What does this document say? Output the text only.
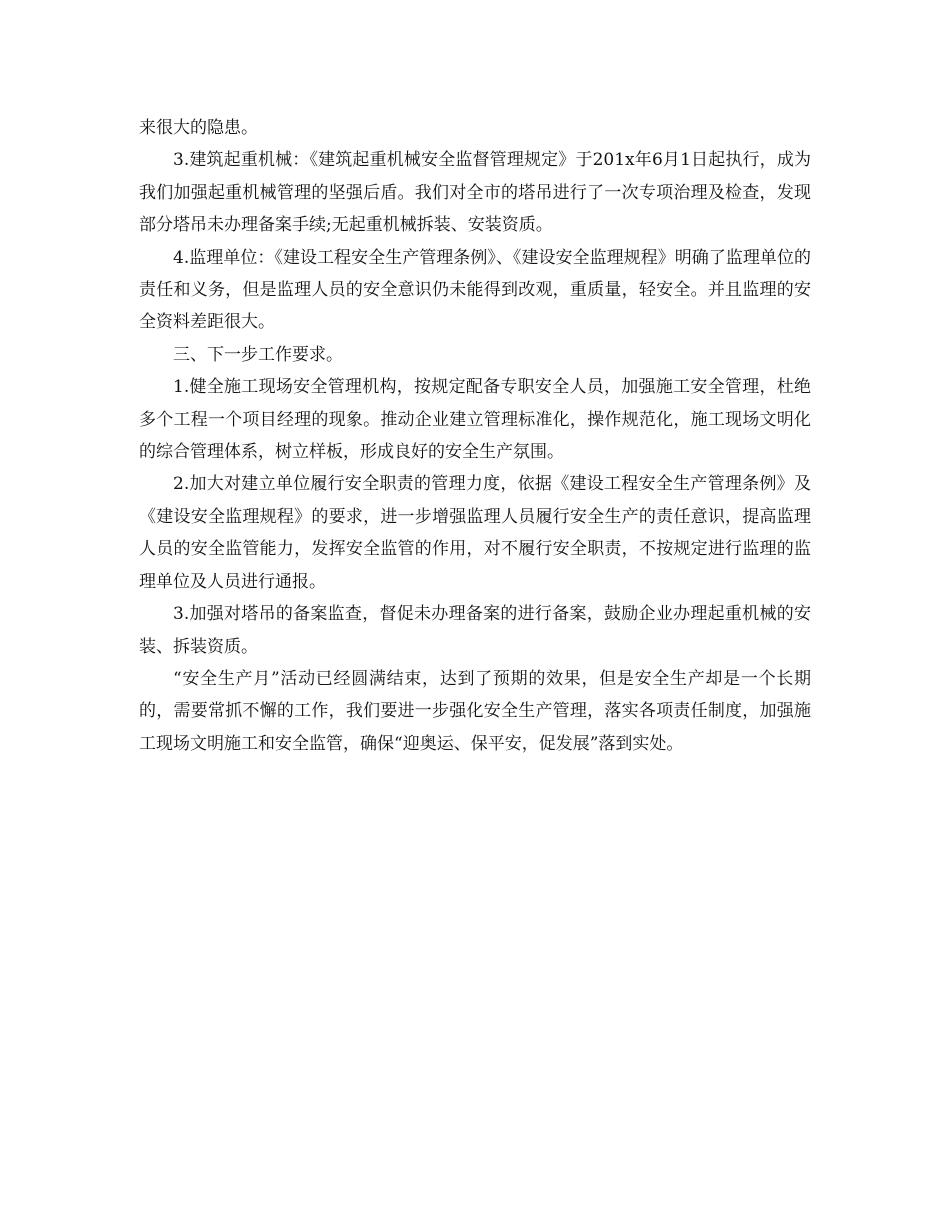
来很大的隐患。

3.建筑起重机械：《建筑起重机械安全监督管理规定》于201x年6月1日起执行，成为我们加强起重机械管理的坚强后盾。我们对全市的塔吊进行了一次专项治理及检查，发现部分塔吊未办理备案手续;无起重机械拆装、安装资质。

4.监理单位：《建设工程安全生产管理条例》、《建设安全监理规程》明确了监理单位的责任和义务，但是监理人员的安全意识仍未能得到改观，重质量，轻安全。并且监理的安全资料差距很大。

三、下一步工作要求。

1.健全施工现场安全管理机构，按规定配备专职安全人员，加强施工安全管理，杜绝多个工程一个项目经理的现象。推动企业建立管理标准化，操作规范化，施工现场文明化的综合管理体系，树立样板，形成良好的安全生产氛围。

2.加大对建立单位履行安全职责的管理力度，依据《建设工程安全生产管理条例》及《建设安全监理规程》的要求，进一步增强监理人员履行安全生产的责任意识，提高监理人员的安全监管能力，发挥安全监管的作用，对不履行安全职责，不按规定进行监理的监理单位及人员进行通报。

3.加强对塔吊的备案监查，督促未办理备案的进行备案，鼓励企业办理起重机械的安装、拆装资质。

“安全生产月”活动已经圆满结束，达到了预期的效果，但是安全生产却是一个长期的，需要常抓不懈的工作，我们要进一步强化安全生产管理，落实各项责任制度，加强施工现场文明施工和安全监管，确保“迎奥运、保平安，促发展”落到实处。
